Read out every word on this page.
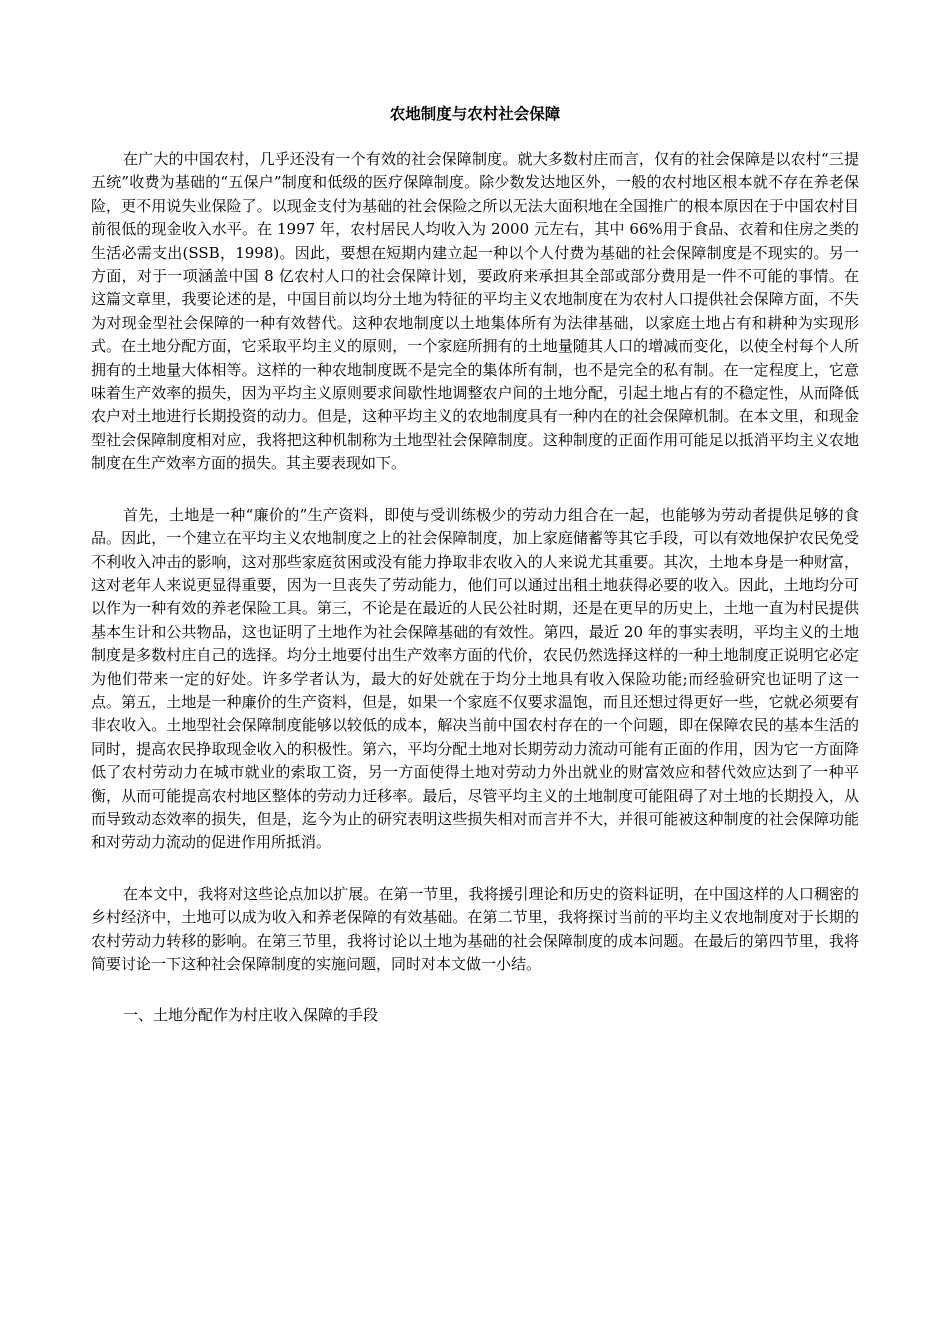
农地制度与农村社会保障

在广大的中国农村，几乎还没有一个有效的社会保障制度。就大多数村庄而言，仅有的社会保障是以农村“三提五统”收费为基础的“五保户”制度和低级的医疗保障制度。除少数发达地区外，一般的农村地区根本就不存在养老保险，更不用说失业保险了。以现金支付为基础的社会保险之所以无法大面积地在全国推广的根本原因在于中国农村目前很低的现金收入水平。在 1997 年，农村居民人均收入为 2000 元左右，其中 66%用于食品、衣着和住房之类的生活必需支出(SSB，1998)。因此，要想在短期内建立起一种以个人付费为基础的社会保障制度是不现实的。另一方面，对于一项涵盖中国 8 亿农村人口的社会保障计划，要政府来承担其全部或部分费用是一件不可能的事情。在这篇文章里，我要论述的是，中国目前以均分土地为特征的平均主义农地制度在为农村人口提供社会保障方面，不失为对现金型社会保障的一种有效替代。这种农地制度以土地集体所有为法律基础，以家庭土地占有和耕种为实现形式。在土地分配方面，它采取平均主义的原则，一个家庭所拥有的土地量随其人口的增减而变化，以使全村每个人所拥有的土地量大体相等。这样的一种农地制度既不是完全的集体所有制，也不是完全的私有制。在一定程度上，它意味着生产效率的损失，因为平均主义原则要求间歇性地调整农户间的土地分配，引起土地占有的不稳定性，从而降低农户对土地进行长期投资的动力。但是，这种平均主义的农地制度具有一种内在的社会保障机制。在本文里，和现金型社会保障制度相对应，我将把这种机制称为土地型社会保障制度。这种制度的正面作用可能足以抵消平均主义农地制度在生产效率方面的损失。其主要表现如下。

首先，土地是一种“廉价的”生产资料，即使与受训练极少的劳动力组合在一起，也能够为劳动者提供足够的食品。因此，一个建立在平均主义农地制度之上的社会保障制度，加上家庭储蓄等其它手段，可以有效地保护农民免受不利收入冲击的影响，这对那些家庭贫困或没有能力挣取非农收入的人来说尤其重要。其次，土地本身是一种财富，这对老年人来说更显得重要，因为一旦丧失了劳动能力，他们可以通过出租土地获得必要的收入。因此，土地均分可以作为一种有效的养老保险工具。第三，不论是在最近的人民公社时期，还是在更早的历史上，土地一直为村民提供基本生计和公共物品，这也证明了土地作为社会保障基础的有效性。第四，最近 20 年的事实表明，平均主义的土地制度是多数村庄自己的选择。均分土地要付出生产效率方面的代价，农民仍然选择这样的一种土地制度正说明它必定为他们带来一定的好处。许多学者认为，最大的好处就在于均分土地具有收入保险功能;而经验研究也证明了这一点。第五，土地是一种廉价的生产资料，但是，如果一个家庭不仅要求温饱，而且还想过得更好一些，它就必须要有非农收入。土地型社会保障制度能够以较低的成本，解决当前中国农村存在的一个问题，即在保障农民的基本生活的同时，提高农民挣取现金收入的积极性。第六，平均分配土地对长期劳动力流动可能有正面的作用，因为它一方面降低了农村劳动力在城市就业的索取工资，另一方面使得土地对劳动力外出就业的财富效应和替代效应达到了一种平衡，从而可能提高农村地区整体的劳动力迁移率。最后，尽管平均主义的土地制度可能阻碍了对土地的长期投入，从而导致动态效率的损失，但是，迄今为止的研究表明这些损失相对而言并不大，并很可能被这种制度的社会保障功能和对劳动力流动的促进作用所抵消。

在本文中，我将对这些论点加以扩展。在第一节里，我将援引理论和历史的资料证明，在中国这样的人口稠密的乡村经济中，土地可以成为收入和养老保障的有效基础。在第二节里，我将探讨当前的平均主义农地制度对于长期的农村劳动力转移的影响。在第三节里，我将讨论以土地为基础的社会保障制度的成本问题。在最后的第四节里，我将简要讨论一下这种社会保障制度的实施问题，同时对本文做一小结。

一、土地分配作为村庄收入保障的手段
